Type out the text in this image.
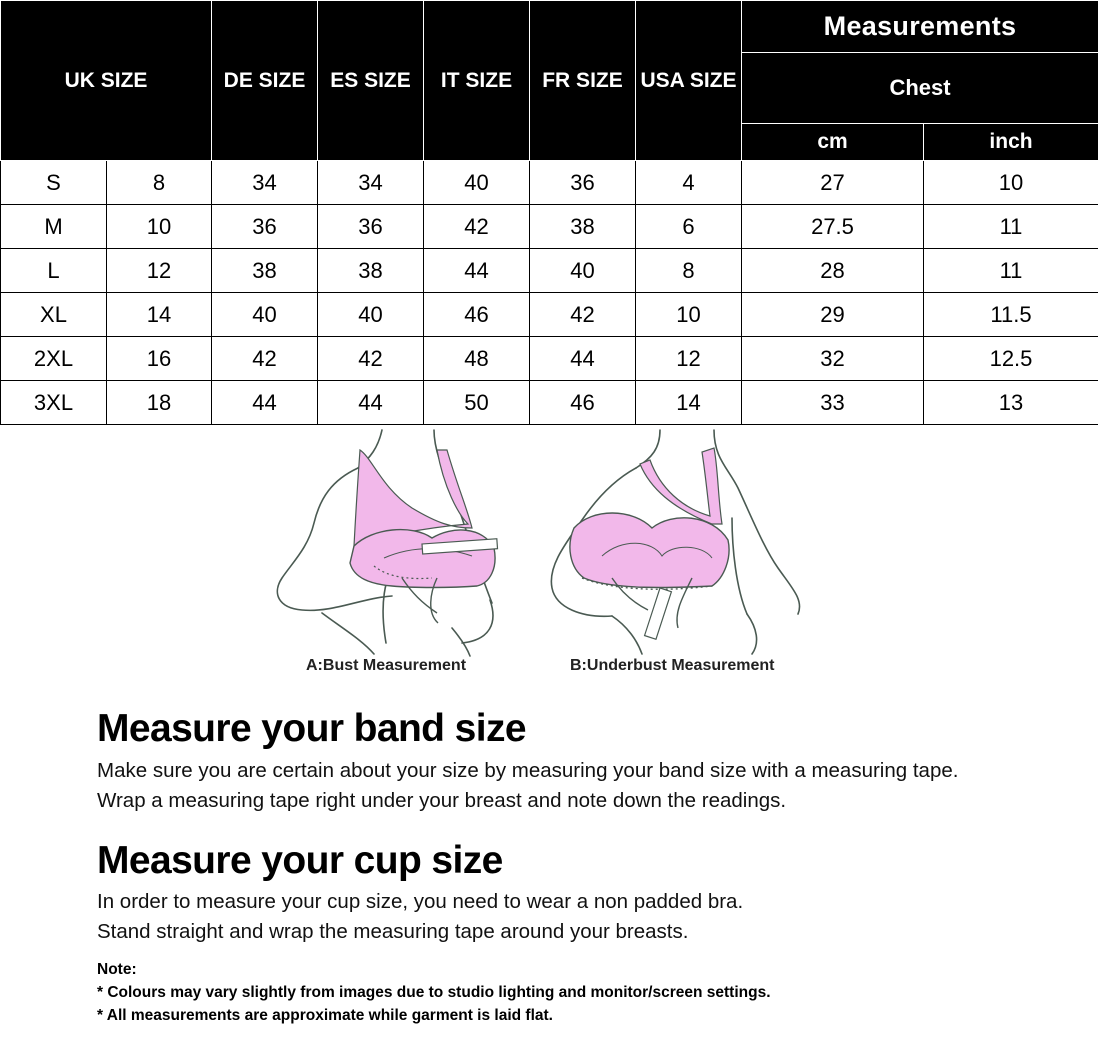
UK SIZE		DE SIZE	ES SIZE	IT SIZE	FR SIZE	USA SIZE	Measurements	
							Chest	
							cm	inch
S	8	34	34	40	36	4	27	10
M	10	36	36	42	38	6	27.5	11
L	12	38	38	44	40	8	28	11
XL	14	40	40	46	42	10	29	11.5
2XL	16	42	42	48	44	12	32	12.5
3XL	18	44	44	50	46	14	33	13
A:Bust Measurement	B:Underbust Measurement
Measure your band size
Make sure you are certain about your size by measuring your band size with a measuring tape.
Wrap a measuring tape right under your breast and note down the readings.
Measure your cup size
In order to measure your cup size, you need to wear a non padded bra.
Stand straight and wrap the measuring tape around your breasts.
Note:
* Colours may vary slightly from images due to studio lighting and monitor/screen settings.
* All measurements are approximate while garment is laid flat.
